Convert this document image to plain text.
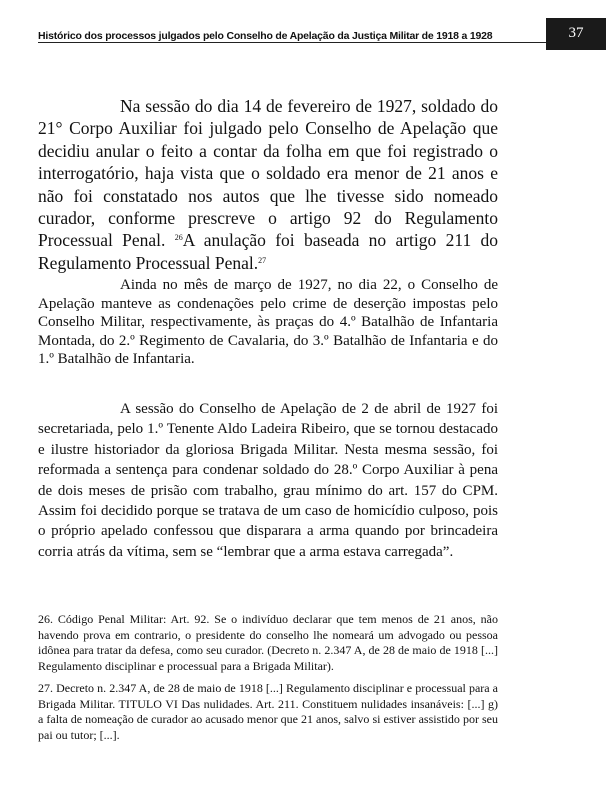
Histórico dos processos julgados pelo Conselho de Apelação da Justiça Militar de 1918 a 1928	37

Na sessão do dia 14 de fevereiro de 1927, soldado do 21° Corpo Auxiliar foi julgado pelo Conselho de Apelação que decidiu anular o feito a contar da folha em que foi registrado o interrogatório, haja vista que o soldado era menor de 21 anos e não foi constatado nos autos que lhe tivesse sido nomeado curador, conforme prescreve o artigo 92 do Regulamento Processual Penal. $^{26}$A anulação foi baseada no artigo 211 do Regulamento Processual Penal.$^{27}$

Ainda no mês de março de 1927, no dia 22, o Conselho de Apelação manteve as condenações pelo crime de deserção impostas pelo Conselho Militar, respectivamente, às praças do 4.º Batalhão de Infantaria Montada, do 2.º Regimento de Cavalaria, do 3.º Batalhão de Infantaria e do 1.º Batalhão de Infantaria.

A sessão do Conselho de Apelação de 2 de abril de 1927 foi secretariada, pelo 1.º Tenente Aldo Ladeira Ribeiro, que se tornou destacado e ilustre historiador da gloriosa Brigada Militar. Nesta mesma sessão, foi reformada a sentença para condenar soldado do 28.º Corpo Auxiliar à pena de dois meses de prisão com trabalho, grau mínimo do art. 157 do CPM. Assim foi decidido porque se tratava de um caso de homicídio culposo, pois o próprio apelado confessou que disparara a arma quando por brincadeira corria atrás da vítima, sem se “lembrar que a arma estava carregada”.

26. Código Penal Militar: Art. 92. Se o indivíduo declarar que tem menos de 21 anos, não havendo prova em contrario, o presidente do conselho lhe nomeará um advogado ou pessoa idônea para tratar da defesa, como seu curador. (Decreto n. 2.347 A, de 28 de maio de 1918 [...] Regulamento disciplinar e processual para a Brigada Militar).
27. Decreto n. 2.347 A, de 28 de maio de 1918 [...] Regulamento disciplinar e processual para a Brigada Militar. TITULO VI Das nulidades. Art. 211. Constituem nulidades insanáveis: [...] g) a falta de nomeação de curador ao acusado menor que 21 anos, salvo si estiver assistido por seu pai ou tutor; [...].
